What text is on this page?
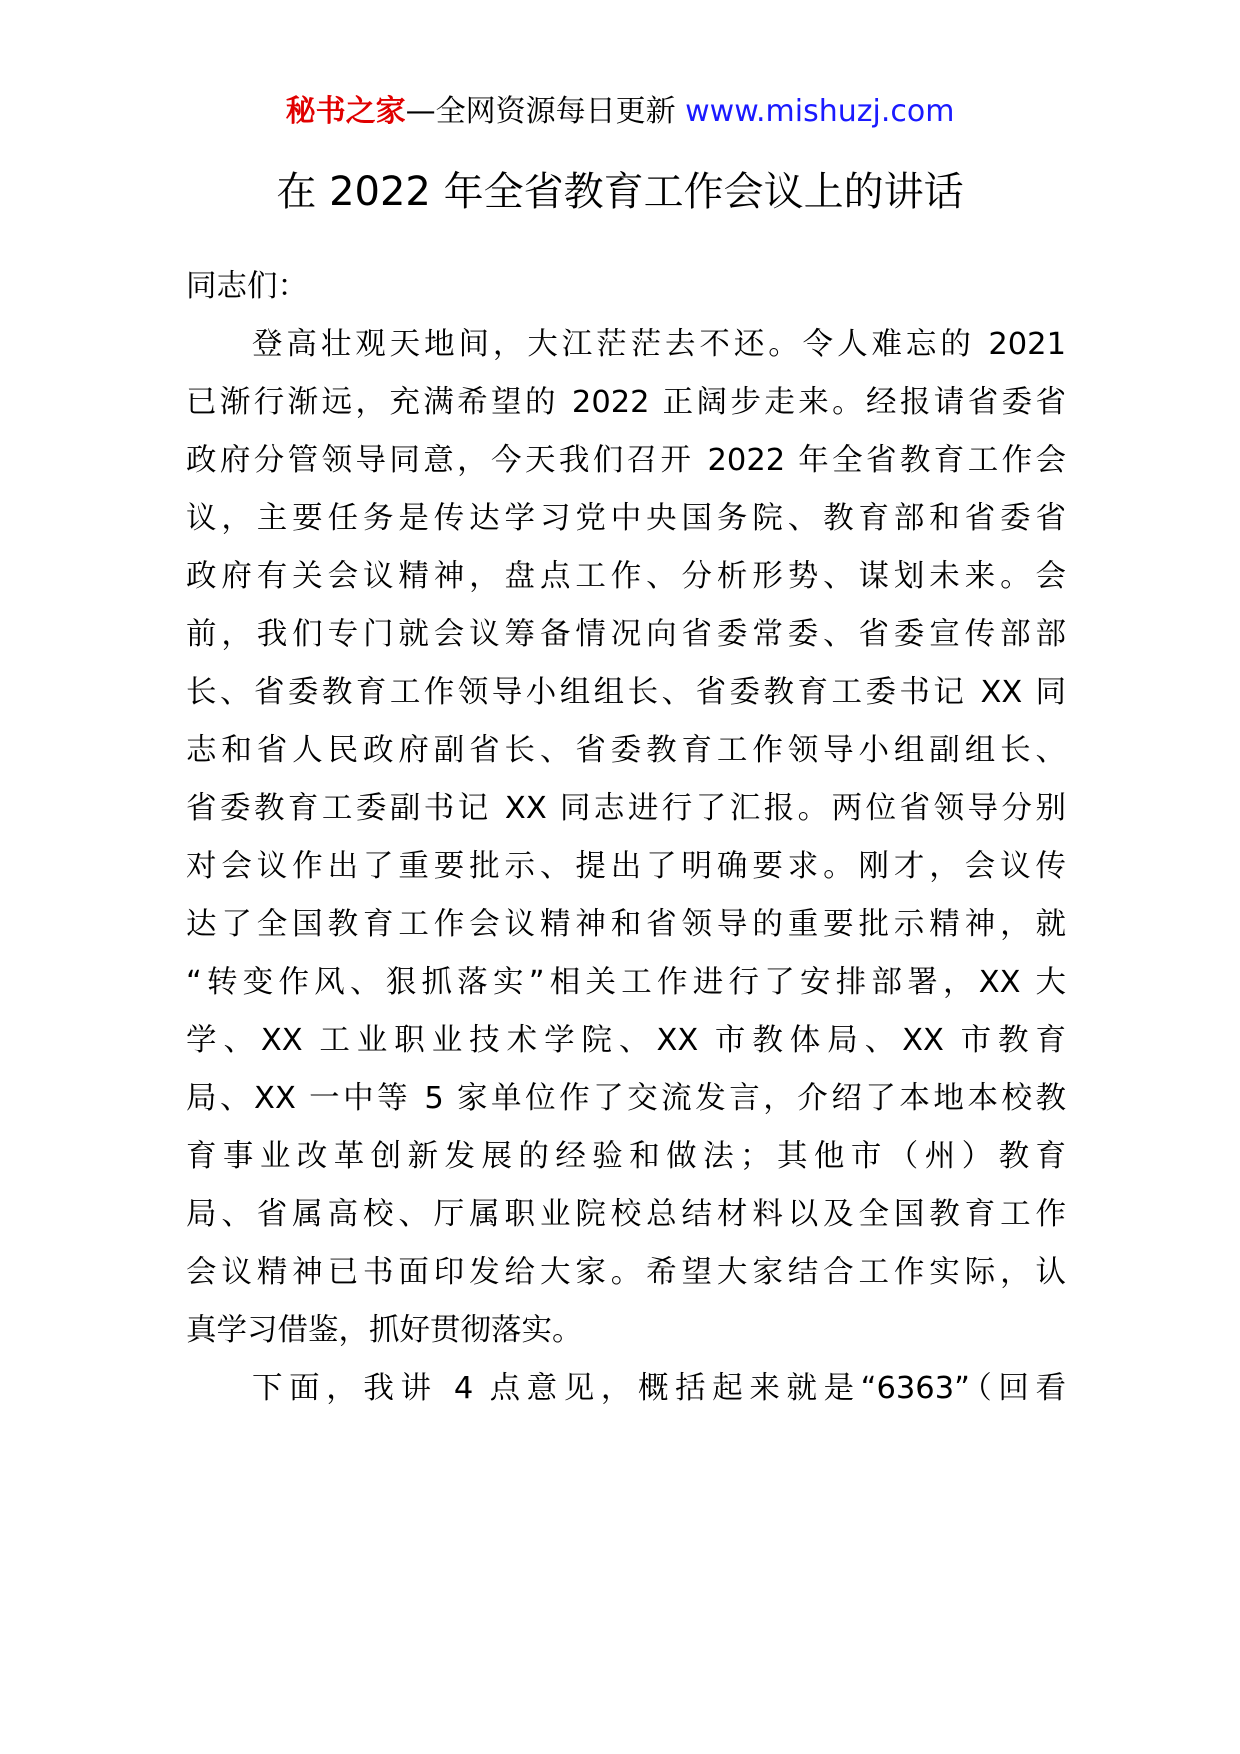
秘书之家—全网资源每日更新 www.mishuzj.com
在 2022 年全省教育工作会议上的讲话
同志们：
登高壮观天地间，大江茫茫去不还。令人难忘的 2021
已渐行渐远，充满希望的 2022 正阔步走来。经报请省委省
政府分管领导同意，今天我们召开 2022 年全省教育工作会
议，主要任务是传达学习党中央国务院、教育部和省委省
政府有关会议精神，盘点工作、分析形势、谋划未来。会
前，我们专门就会议筹备情况向省委常委、省委宣传部部
长、省委教育工作领导小组组长、省委教育工委书记 XX 同
志和省人民政府副省长、省委教育工作领导小组副组长、
省委教育工委副书记 XX 同志进行了汇报。两位省领导分别
对会议作出了重要批示、提出了明确要求。刚才，会议传
达了全国教育工作会议精神和省领导的重要批示精神，就
“转变作风、狠抓落实”相关工作进行了安排部署，XX 大
学、XX 工业职业技术学院、XX 市教体局、XX 市教育
局、XX 一中等 5 家单位作了交流发言，介绍了本地本校教
育事业改革创新发展的经验和做法；其他市（州）教育
局、省属高校、厅属职业院校总结材料以及全国教育工作
会议精神已书面印发给大家。希望大家结合工作实际，认
真学习借鉴，抓好贯彻落实。
下面，我讲 4 点意见，概括起来就是“6363”（回看
